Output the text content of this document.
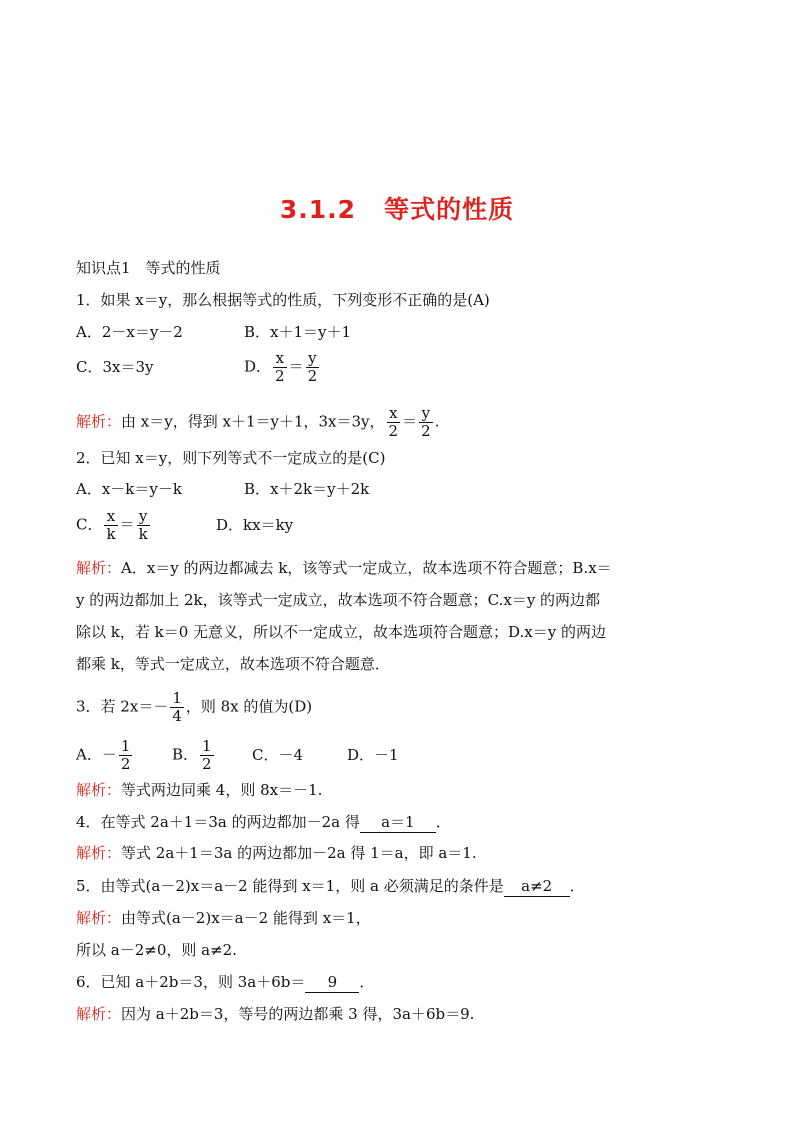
3.1.2 等式的性质
知识点1　等式的性质
1．如果 x＝y，那么根据等式的性质，下列变形不正确的是(A)
A．2－x＝y－2	B．x＋1＝y＋1
C．3x＝3y	D． $\frac{x}{2} = \frac{y}{2}$
解析：由 x＝y，得到 x＋1＝y＋1，3x＝3y， $\frac{x}{2} = \frac{y}{2}$ .
2．已知 x＝y，则下列等式不一定成立的是(C)
A．x－k＝y－k	B．x＋2k＝y＋2k
C． $\frac{x}{k} = \frac{y}{k}$	D．kx＝ky
解析：A．x＝y 的两边都减去 k，该等式一定成立，故本选项不符合题意；B.x＝
y 的两边都加上 2k，该等式一定成立，故本选项不符合题意；C.x＝y 的两边都
除以 k，若 k＝0 无意义，所以不一定成立，故本选项符合题意；D.x＝y 的两边
都乘 k，等式一定成立，故本选项不符合题意．
3．若 $2x=- \frac{1}{4}$ ，则 8x 的值为(D)
A．－ $\frac{1}{2}$	B． $\frac{1}{2}$	C．－4	D．－1
解析：等式两边同乘 4，则 8x＝－1.
4．在等式 2a＋1＝3a 的两边都加－2a 得 a＝1 ．
解析：等式 2a＋1＝3a 的两边都加－2a 得 1＝a，即 a＝1.
5．由等式(a－2)x＝a－2 能得到 x＝1，则 a 必须满足的条件是 a≠2 ．
解析：由等式(a－2)x＝a－2 能得到 x＝1，
所以 a－2≠0，则 a≠2.
6．已知 a＋2b＝3，则 3a＋6b＝ 9 ．
解析：因为 a＋2b＝3，等号的两边都乘 3 得，3a＋6b＝9.
